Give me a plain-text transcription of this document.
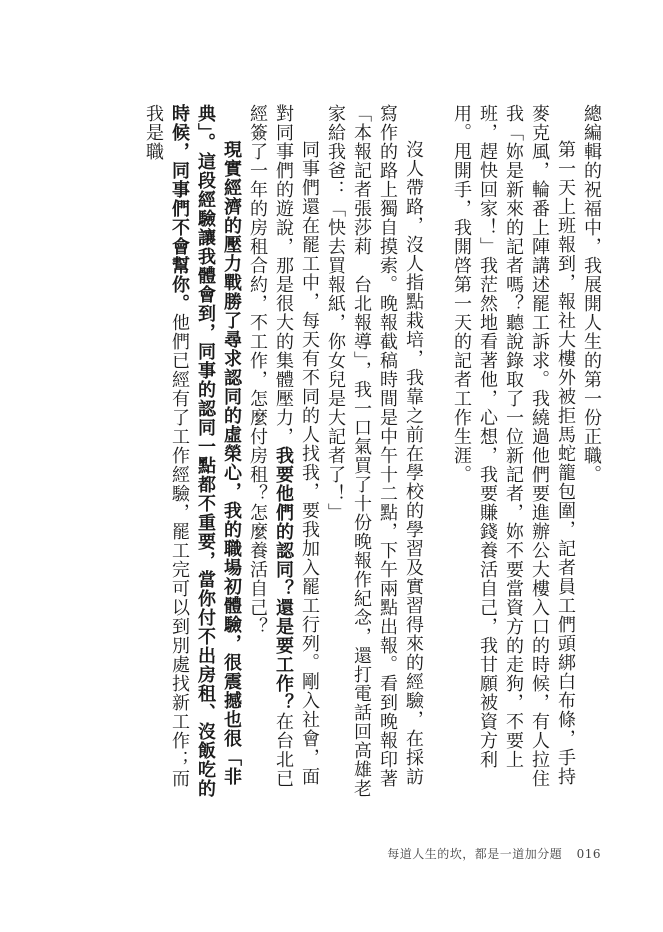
總編輯的祝福中，我展開人生的第一份正職。

第一天上班報到，報社大樓外被拒馬蛇籠包圍，記者員工們頭綁白布條，手持麥克風，輪番上陣講述罷工訴求。我繞過他們要進辦公大樓入口的時候，有人拉住我「妳是新來的記者嗎？聽說錄取了一位新記者，妳不要當資方的走狗，不要上班，趕快回家！」我茫然地看著他，心想，我要賺錢養活自己，我甘願被資方利用。甩開手，我開啓第一天的記者工作生涯。

沒人帶路，沒人指點栽培，我靠之前在學校的學習及實習得來的經驗，在採訪寫作的路上獨自摸索。晚報截稿時間是中午十二點，下午兩點出報。看到晚報印著「本報記者張莎莉　台北報導」，我一口氣買了十份晚報作紀念，還打電話回高雄老家給我爸：「快去買報紙，你女兒是大記者了！」

同事們還在罷工中，每天有不同的人找我，要我加入罷工行列。剛入社會，面對同事們的遊說，那是很大的集體壓力，我要他們的認同？還是要工作？在台北已經簽了一年的房租合約，不工作，怎麼付房租？怎麼養活自己？

現實經濟的壓力戰勝了尋求認同的虛榮心，我的職場初體驗，很震撼也很「非典」。這段經驗讓我體會到，同事的認同一點都不重要，當你付不出房租、沒飯吃的時候，同事們不會幫你。他們已經有了工作經驗，罷工完可以到別處找新工作；而我是職

每道人生的坎，都是一道加分題 016
